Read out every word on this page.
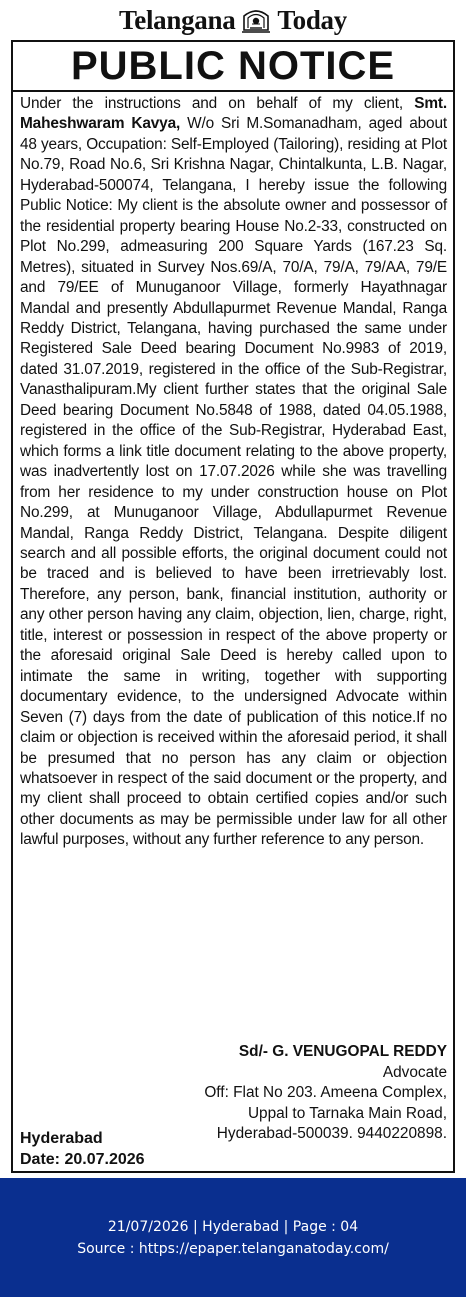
Telangana Today
PUBLIC NOTICE
Under the instructions and on behalf of my client, Smt. Maheshwaram Kavya, W/o Sri M.Somanadham, aged about 48 years, Occupation: Self-Employed (Tailoring), residing at Plot No.79, Road No.6, Sri Krishna Nagar, Chintalkunta, L.B. Nagar, Hyderabad-500074, Telangana, I hereby issue the following Public Notice: My client is the absolute owner and possessor of the residential property bearing House No.2-33, constructed on Plot No.299, admeasuring 200 Square Yards (167.23 Sq. Metres), situated in Survey Nos.69/A, 70/A, 79/A, 79/AA, 79/E and 79/EE of Munuganoor Village, formerly Hayathnagar Mandal and presently Abdullapurmet Revenue Mandal, Ranga Reddy District, Telangana, having purchased the same under Registered Sale Deed bearing Document No.9983 of 2019, dated 31.07.2019, registered in the office of the Sub-Registrar, Vanasthalipuram.My client further states that the original Sale Deed bearing Document No.5848 of 1988, dated 04.05.1988, registered in the office of the Sub-Registrar, Hyderabad East, which forms a link title document relating to the above property, was inadvertently lost on 17.07.2026 while she was travelling from her residence to my under construction house on Plot No.299, at Munuganoor Village, Abdullapurmet Revenue Mandal, Ranga Reddy District, Telangana. Despite diligent search and all possible efforts, the original document could not be traced and is believed to have been irretrievably lost. Therefore, any person, bank, financial institution, authority or any other person having any claim, objection, lien, charge, right, title, interest or possession in respect of the above property or the aforesaid original Sale Deed is hereby called upon to intimate the same in writing, together with supporting documentary evidence, to the undersigned Advocate within Seven (7) days from the date of publication of this notice.If no claim or objection is received within the aforesaid period, it shall be presumed that no person has any claim or objection whatsoever in respect of the said document or the property, and my client shall proceed to obtain certified copies and/or such other documents as may be permissible under law for all other lawful purposes, without any further reference to any person.
Sd/- G. VENUGOPAL REDDY
Advocate
Off: Flat No 203. Ameena Complex,
Uppal to Tarnaka Main Road,
Hyderabad-500039. 9440220898.
Hyderabad
Date: 20.07.2026
21/07/2026 | Hyderabad | Page : 04
Source : https://epaper.telanganatoday.com/
